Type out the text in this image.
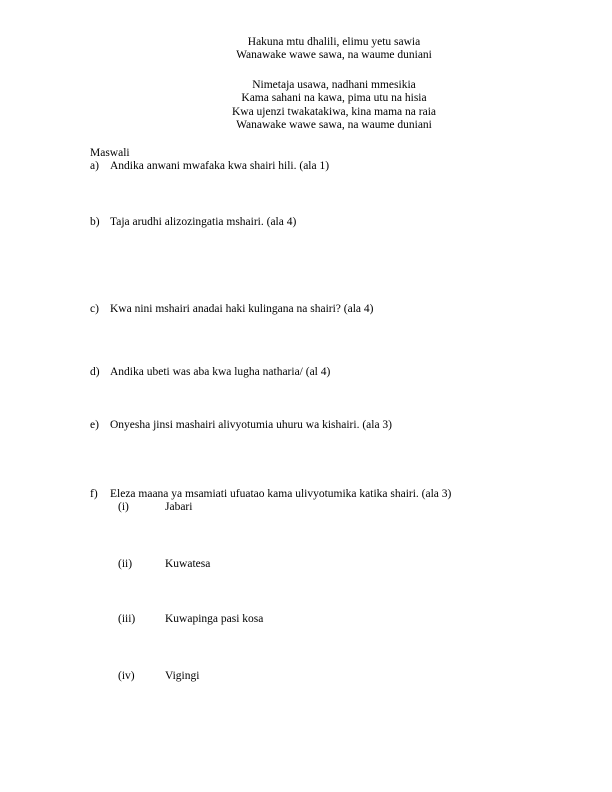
Hakuna mtu dhalili, elimu yetu sawia
Wanawake wawe sawa, na waume duniani
Nimetaja usawa, nadhani mmesikia
Kama sahani na kawa, pima utu na hisia
Kwa ujenzi twakatakiwa, kina mama na raia
Wanawake wawe sawa, na waume duniani
Maswali
a) Andika anwani mwafaka kwa shairi hili. (ala 1)
b) Taja arudhi alizozingatia mshairi. (ala 4)
c) Kwa nini mshairi anadai haki kulingana na shairi? (ala 4)
d) Andika ubeti was aba kwa lugha natharia/ (al 4)
e) Onyesha jinsi mashairi alivyotumia uhuru wa kishairi. (ala 3)
f) Eleza maana ya msamiati ufuatao kama ulivyotumika katika shairi. (ala 3)
(i)	Jabari
(ii)	Kuwatesa
(iii)	Kuwapinga pasi kosa
(iv)	Vigingi
